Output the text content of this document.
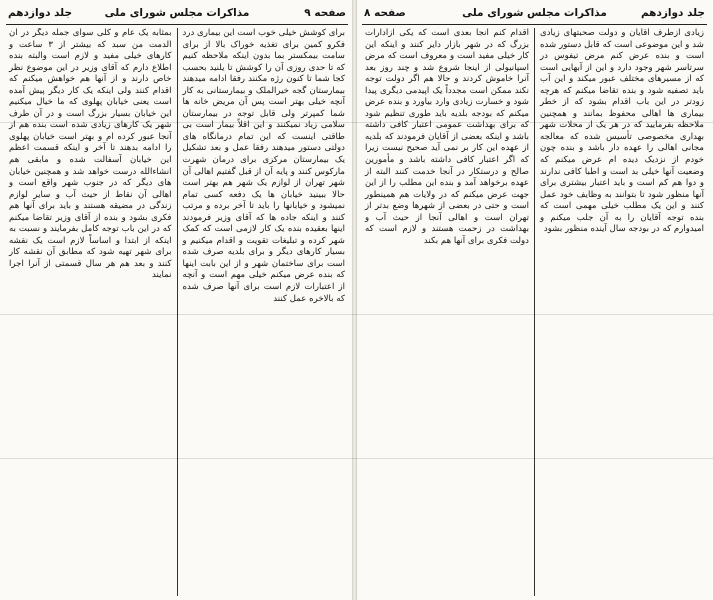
صفحه ۹
مذاکرات مجلس شورای ملی
جلد دوازدهم
برای کوشش خیلی خوب است این بیماری درد فکرو کمین برای تغذیه خوراک بالا از برای سامت بیمکستر بما بدون اینکه ملاحظه کنیم که تا حدی روزی آن را کوشش تا یلنید بحسب کجا شما تا کنون رژه مکنند رفقا ادامه میدهند بیمارستان گجه خیرالملک و بیمارستانی به کار آنچه خیلی بهتر است پس آن مریض خانه ها شما کمپرتر ولی قابل توجه در بیمارستان سلامی زیاد نمیکنند و این اقلاً بیمار است بی طاقتی اینست که این تمام درمانگاه های دولتی دستور میدهند رفقا عمل و بعد تشکیل یک بیمارستان مرکزی برای درمان شهرت مارکوس کنند و پایه آن از قبل گفتیم اهالی آن شهر تهران از لوازم یک شهر هم بهتر است حالا ببینید خیابان ها یک دفعه کسی تمام نمیشود و خیابانها را باید تا آخر برده و مرتب کنند و اینکه جاده ها که آقای وزیر فرمودند اینها بعقیده بنده یک کار لازمی است که کمک شهر کرده و تبلیغات تقویت و اقدام میکنیم و بسیار کارهای دیگر و برای بلدیه صرف شده است برای ساختمان شهر و از این بابت اینها که بنده عرض میکنم خیلی مهم است و آنچه از اعتبارات لازم است برای آنها صرف شده که بالاخره عمل کنند
بمثابه یک عام و کلی سوای جمله دیگر در آن الدمت من سبد که بیشتر از ۳ ساعت و کارهای خیلی مفید و لازم است والبته بنده اطلاع دارم که آقای وزیر در این موضوع نظر خاص دارند و از آنها هم خواهش میکنم که اقدام کنند ولی اینکه یک کار دیگر پیش آمده است یعنی خیابان پهلوی که ما خیال میکنیم این خیابان بسیار بزرگ است و در آن طرف شهر یک کارهای زیادی شده است بنده هم از آنجا عبور کرده ام و بهتر است خیابان پهلوی را ادامه بدهند تا آخر و اینکه قسمت اعظم این خیابان آسفالت شده و مابقی هم انشاءالله درست خواهد شد و همچنین خیابان های دیگر که در جنوب شهر واقع است و اهالی آن نقاط از حیث آب و سایر لوازم زندگی در مضیقه هستند و باید برای آنها هم فکری بشود و بنده از آقای وزیر تقاضا میکنم که در این باب توجه کامل بفرمایند و نسبت به اینکه از ابتدا و اساساً لازم است یک نقشه برای شهر تهیه شود که مطابق آن نقشه کار کنند و بعد هم هر سال قسمتی از آنرا اجرا نمایند
جلد دوازدهم
مذاکرات مجلس شورای ملی
صفحه ۸
زیادی ازطرف آقایان و دولت صحبتهای زیادی شد و این موضوعی است که قابل دستور شده است و بنده عرض کنم مرض تیفوس در سرتاسر شهر وجود دارد و این از آبهایی است که از مسیرهای مختلف عبور میکند و این آب باید تصفیه شود و بنده تقاضا میکنم که هرچه زودتر در این باب اقدام بشود که از خطر بیماری ها اهالی محفوظ بمانند و همچنین ملاحظه بفرمایید که در هر یک از محلات شهر بهداری مخصوصی تأسیس شده که معالجه مجانی اهالی را عهده دار باشد و بنده چون خودم از نزدیک دیده ام عرض میکنم که وضعیت آنها خیلی بد است و اطبا کافی ندارند و دوا هم کم است و باید اعتبار بیشتری برای آنها منظور شود تا بتوانند به وظایف خود عمل کنند و این یک مطلب خیلی مهمی است که بنده توجه آقایان را به آن جلب میکنم و امیدوارم که در بودجه سال آینده منظور بشود
اقدام کنم آنجا بعدی است که یکی ازادارات بزرگ که در شهر بازار دایر کنند و اینکه این کار خیلی مفید است و معروف است که مرض اسپانیولی از اینجا شروع شد و چند روز بعد آنرا خاموش کردند و حالا هم اگر دولت توجه نکند ممکن است مجدداً یک اپیدمی دیگری پیدا شود و خسارت زیادی وارد بیاورد و بنده عرض میکنم که بودجه بلدیه باید طوری تنظیم شود که برای بهداشت عمومی اعتبار کافی داشته باشد و اینکه بعضی از آقایان فرمودند که بلدیه از عهده این کار بر نمی آید صحیح نیست زیرا که اگر اعتبار کافی داشته باشد و مأمورین صالح و درستکار در آنجا خدمت کنند البته از عهده برخواهد آمد و بنده این مطلب را از این جهت عرض میکنم که در ولایات هم همینطور است و حتی در بعضی از شهرها وضع بدتر از تهران است و اهالی آنجا از حیث آب و بهداشت در زحمت هستند و لازم است که دولت فکری برای آنها هم بکند
